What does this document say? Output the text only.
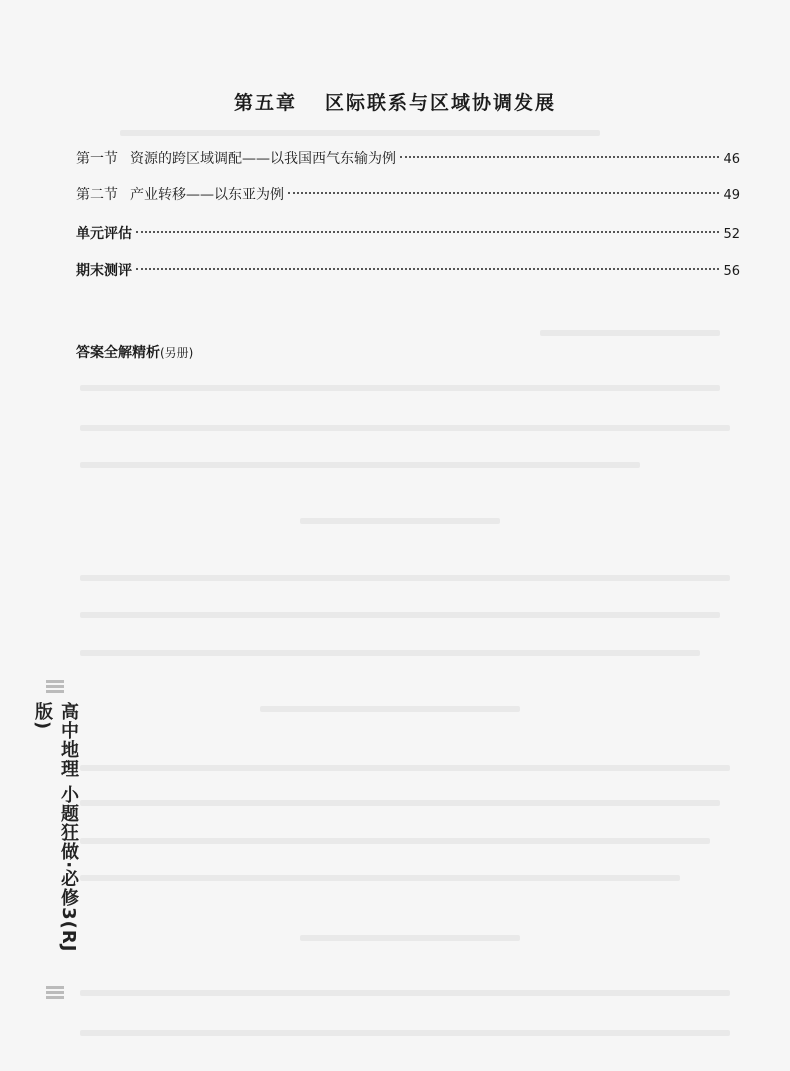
第五章 区际联系与区域协调发展
第一节 资源的跨区域调配——以我国西气东输为例	46
第二节 产业转移——以东亚为例	49
单元评估	52
期末测评	56
答案全解精析(另册)
高中地理 小题狂做·必修3(RJ版)
